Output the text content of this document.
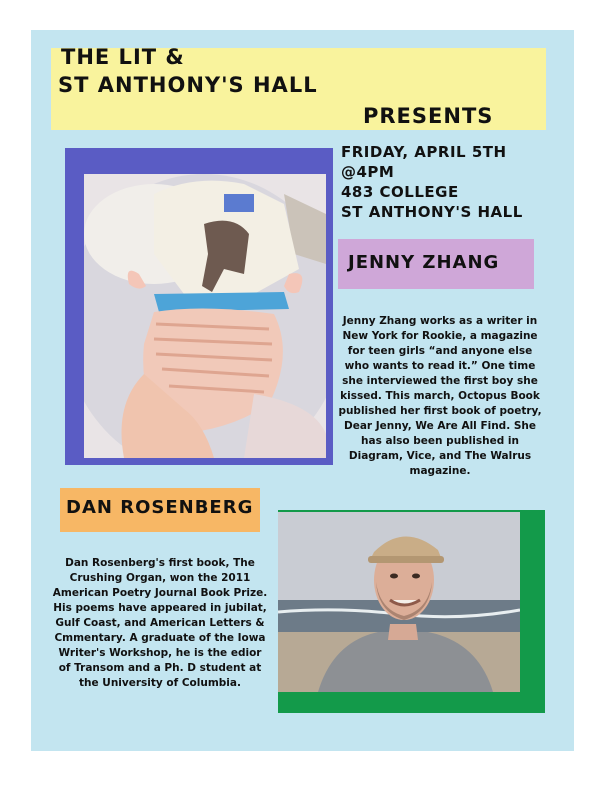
THE LIT &
ST ANTHONY'S HALL
PRESENTS
FRIDAY, APRIL 5TH
@4PM
483 COLLEGE
ST ANTHONY'S HALL
JENNY ZHANG

Jenny Zhang works as a writer in New York for Rookie, a magazine for teen girls “and anyone else who wants to read it.” One time she interviewed the first boy she kissed. This march, Octopus Book published her first book of poetry, Dear Jenny, We Are All Find. She has also been published in Diagram, Vice, and The Walrus magazine.

DAN ROSENBERG

Dan Rosenberg's first book, The Crushing Organ, won the 2011 American Poetry Journal Book Prize. His poems have appeared in jubilat, Gulf Coast, and American Letters & Cmmentary. A graduate of the Iowa Writer's Workshop, he is the edior of Transom and a Ph. D student at the University of Columbia.
